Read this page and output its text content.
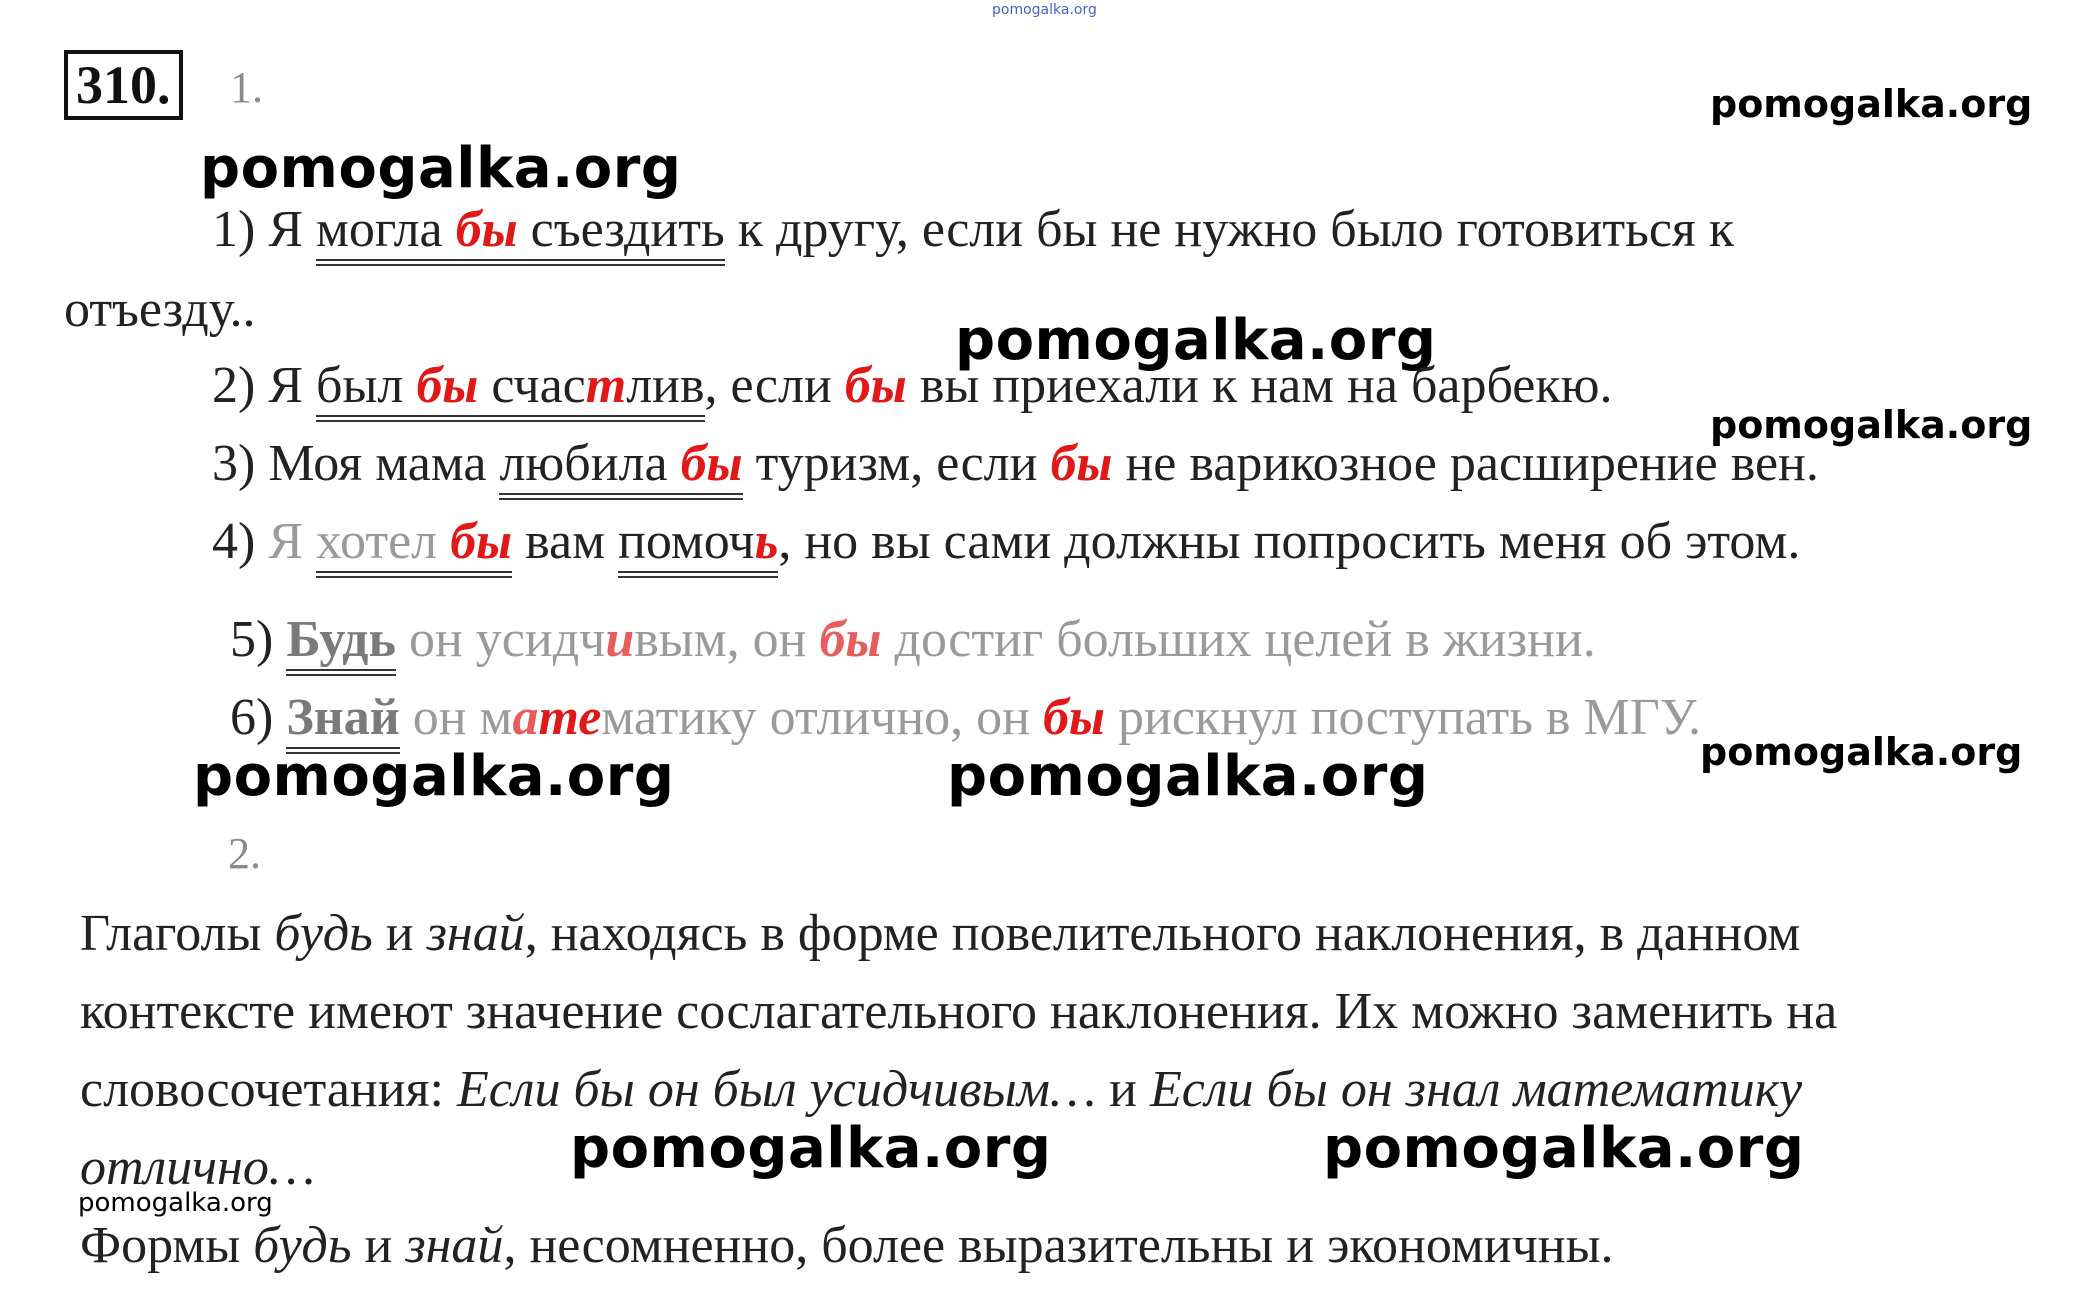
pomogalka.org
310. 1.	pomogalka.org
pomogalka.org
1) Я могла бы съездить к другу, если бы не нужно было готовиться к
отъезду..	pomogalka.org
2) Я был бы счастлив, если бы вы приехали к нам на барбекю.
pomogalka.org
3) Моя мама любила бы туризм, если бы не варикозное расширение вен.
4) Я хотел бы вам помочь, но вы сами должны попросить меня об этом.
5) Будь он усидчивым, он бы достиг больших целей в жизни.
6) Знай он математику отлично, он бы рискнул поступать в МГУ.
pomogalka.org
pomogalka.org	pomogalka.org
2.
Глаголы будь и знай, находясь в форме повелительного наклонения, в данном
контексте имеют значение сослагательного наклонения. Их можно заменить на
словосочетания: Если бы он был усидчивым… и Если бы он знал математику
отлично…	pomogalka.org	pomogalka.org
pomogalka.org
Формы будь и знай, несомненно, более выразительны и экономичны.
